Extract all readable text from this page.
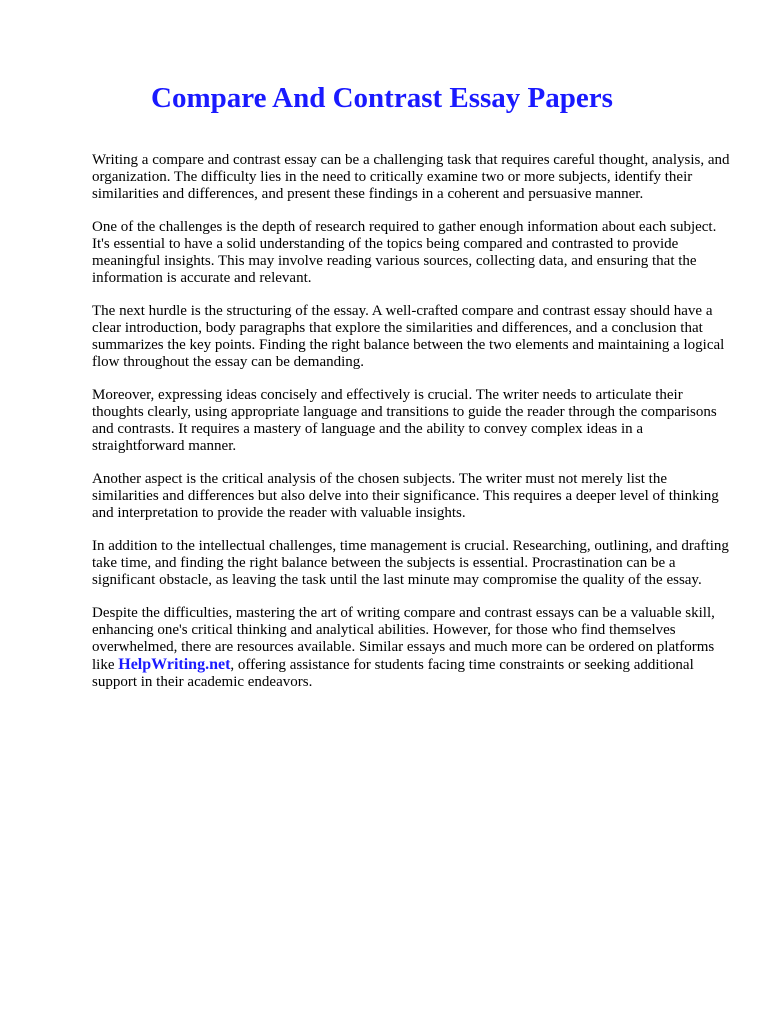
Compare And Contrast Essay Papers

Writing a compare and contrast essay can be a challenging task that requires careful thought, analysis, and organization. The difficulty lies in the need to critically examine two or more subjects, identify their similarities and differences, and present these findings in a coherent and persuasive manner.

One of the challenges is the depth of research required to gather enough information about each subject. It's essential to have a solid understanding of the topics being compared and contrasted to provide meaningful insights. This may involve reading various sources, collecting data, and ensuring that the information is accurate and relevant.

The next hurdle is the structuring of the essay. A well-crafted compare and contrast essay should have a clear introduction, body paragraphs that explore the similarities and differences, and a conclusion that summarizes the key points. Finding the right balance between the two elements and maintaining a logical flow throughout the essay can be demanding.

Moreover, expressing ideas concisely and effectively is crucial. The writer needs to articulate their thoughts clearly, using appropriate language and transitions to guide the reader through the comparisons and contrasts. It requires a mastery of language and the ability to convey complex ideas in a straightforward manner.

Another aspect is the critical analysis of the chosen subjects. The writer must not merely list the similarities and differences but also delve into their significance. This requires a deeper level of thinking and interpretation to provide the reader with valuable insights.

In addition to the intellectual challenges, time management is crucial. Researching, outlining, and drafting take time, and finding the right balance between the subjects is essential. Procrastination can be a significant obstacle, as leaving the task until the last minute may compromise the quality of the essay.

Despite the difficulties, mastering the art of writing compare and contrast essays can be a valuable skill, enhancing one's critical thinking and analytical abilities. However, for those who find themselves overwhelmed, there are resources available. Similar essays and much more can be ordered on platforms like HelpWriting.net, offering assistance for students facing time constraints or seeking additional support in their academic endeavors.
